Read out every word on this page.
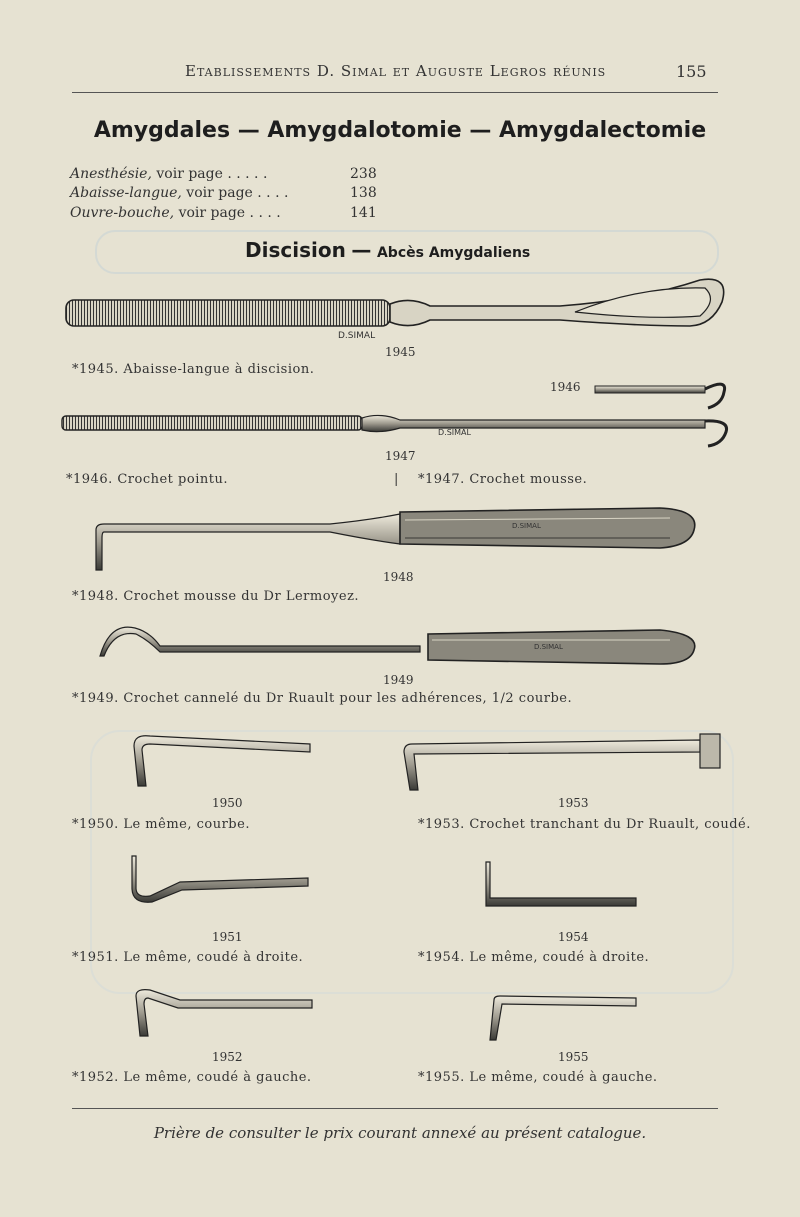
Etablissements D. Simal et Auguste Legros réunis	155
Amygdales — Amygdalotomie — Amygdalectomie
Anesthésie, voir page . . . . .	238
Abaisse-langue, voir page . . . .	138
Ouvre-bouche, voir page . . . .	141
Discision — Abcès Amygdaliens
D.SIMAL
1945
*1945. Abaisse-langue à discision.
1946
D.SIMAL
1947
*1946. Crochet pointu.	| *1947. Crochet mousse.
D.SIMAL
1948
*1948. Crochet mousse du Dr Lermoyez.
D.SIMAL
1949
*1949. Crochet cannelé du Dr Ruault pour les adhérences, 1/2 courbe.
1950	1953
*1950. Le même, courbe.	*1953. Crochet tranchant du Dr Ruault, coudé.
1951	1954
*1951. Le même, coudé à droite.	*1954. Le même, coudé à droite.
1952	1955
*1952. Le même, coudé à gauche.	*1955. Le même, coudé à gauche.
Prière de consulter le prix courant annexé au présent catalogue.
